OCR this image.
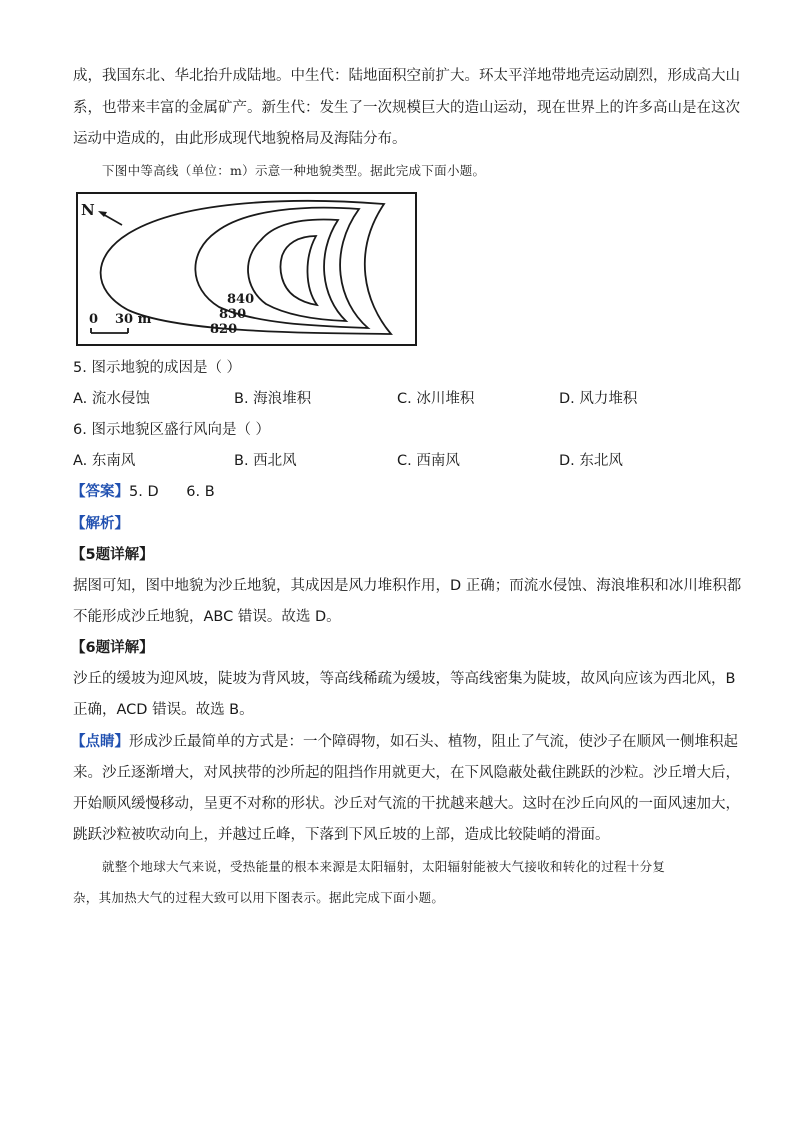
成，我国东北、华北抬升成陆地。中生代：陆地面积空前扩大。环太平洋地带地壳运动剧烈，形成高大山
系，也带来丰富的金属矿产。新生代：发生了一次规模巨大的造山运动，现在世界上的许多高山是在这次
运动中造成的，由此形成现代地貌格局及海陆分布。
下图中等高线（单位：m）示意一种地貌类型。据此完成下面小题。
N
840
830
820
0 30 m
5. 图示地貌的成因是（ ）
A. 流水侵蚀	B. 海浪堆积	C. 冰川堆积	D. 风力堆积
6. 图示地貌区盛行风向是（ ）
A. 东南风	B. 西北风	C. 西南风	D. 东北风
【答案】5. D      6. B
【解析】
【5题详解】
据图可知，图中地貌为沙丘地貌，其成因是风力堆积作用，D 正确；而流水侵蚀、海浪堆积和冰川堆积都
不能形成沙丘地貌，ABC 错误。故选 D。
【6题详解】
沙丘的缓坡为迎风坡，陡坡为背风坡，等高线稀疏为缓坡，等高线密集为陡坡，故风向应该为西北风，B
正确，ACD 错误。故选 B。
【点睛】形成沙丘最简单的方式是：一个障碍物，如石头、植物，阻止了气流，使沙子在顺风一侧堆积起
来。沙丘逐渐增大，对风挟带的沙所起的阻挡作用就更大，在下风隐蔽处截住跳跃的沙粒。沙丘增大后，
开始顺风缓慢移动，呈更不对称的形状。沙丘对气流的干扰越来越大。这时在沙丘向风的一面风速加大，
跳跃沙粒被吹动向上，并越过丘峰，下落到下风丘坡的上部，造成比较陡峭的滑面。
就整个地球大气来说，受热能量的根本来源是太阳辐射，太阳辐射能被大气接收和转化的过程十分复
杂，其加热大气的过程大致可以用下图表示。据此完成下面小题。
